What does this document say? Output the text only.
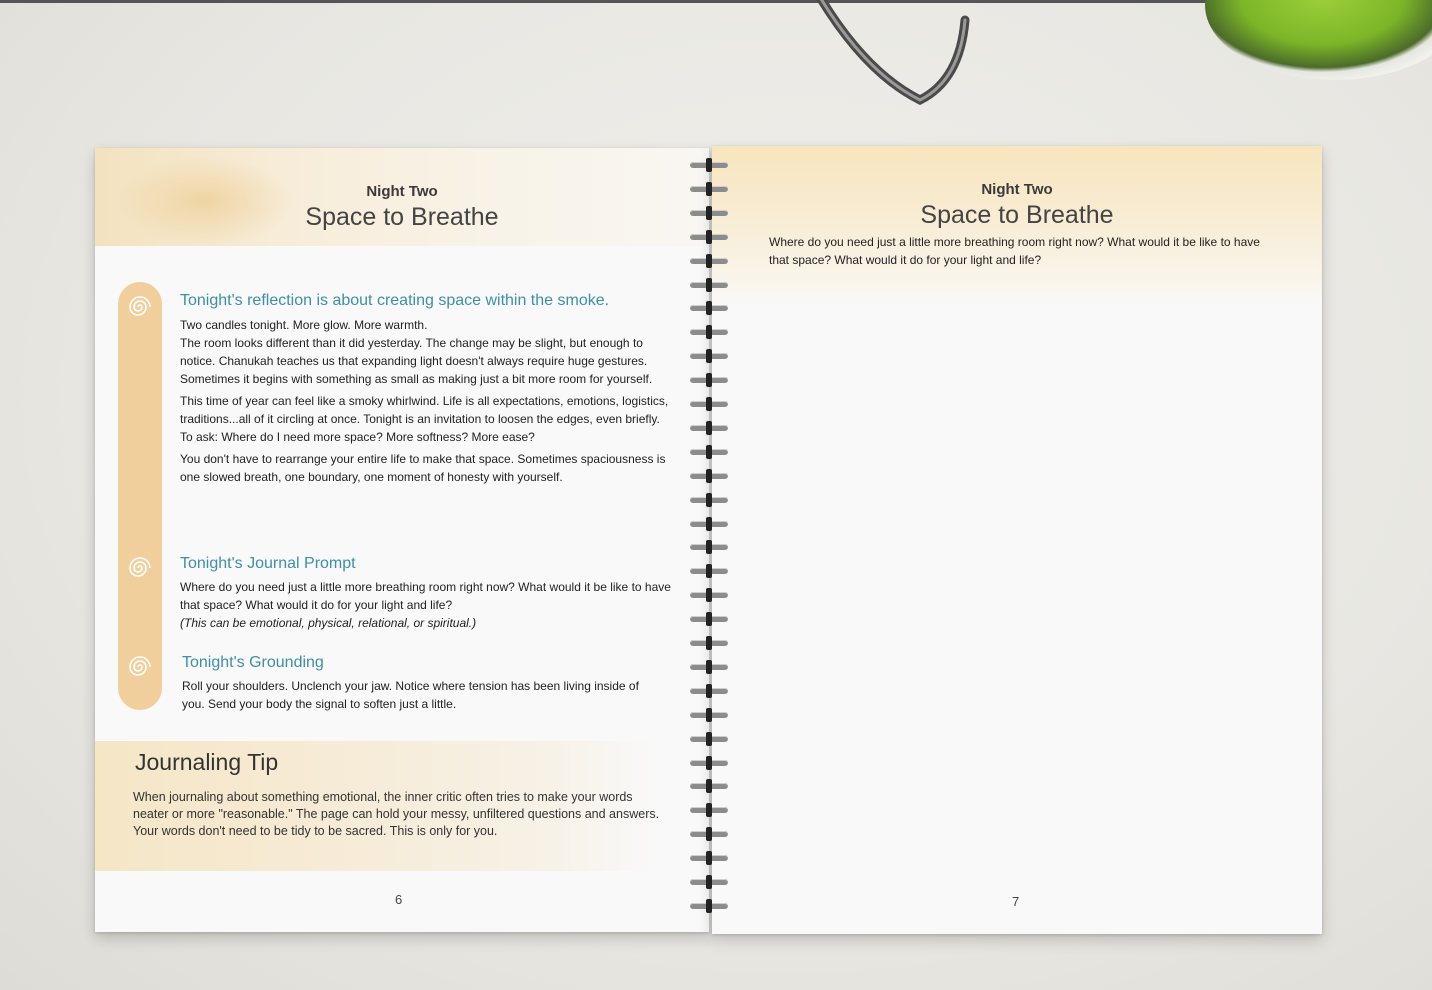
Night Two
Space to Breathe
Tonight's reflection is about creating space within the smoke.

Two candles tonight. More glow. More warmth.

The room looks different than it did yesterday. The change may be slight, but enough to notice. Chanukah teaches us that expanding light doesn't always require huge gestures. Sometimes it begins with something as small as making just a bit more room for yourself.

This time of year can feel like a smoky whirlwind. Life is all expectations, emotions, logistics, traditions...all of it circling at once. Tonight is an invitation to loosen the edges, even briefly. To ask: Where do I need more space? More softness? More ease?

You don't have to rearrange your entire life to make that space. Sometimes spaciousness is one slowed breath, one boundary, one moment of honesty with yourself.

Tonight's Journal Prompt

Where do you need just a little more breathing room right now? What would it be like to have that space? What would it do for your light and life?

(This can be emotional, physical, relational, or spiritual.)

Tonight's Grounding
Roll your shoulders. Unclench your jaw. Notice where tension has been living inside of you. Send your body the signal to soften just a little.
Journaling Tip
When journaling about something emotional, the inner critic often tries to make your words neater or more "reasonable." The page can hold your messy, unfiltered questions and answers. Your words don't need to be tidy to be sacred. This is only for you.
6
Night Two
Space to Breathe
Where do you need just a little more breathing room right now? What would it be like to have that space? What would it do for your light and life?
7
